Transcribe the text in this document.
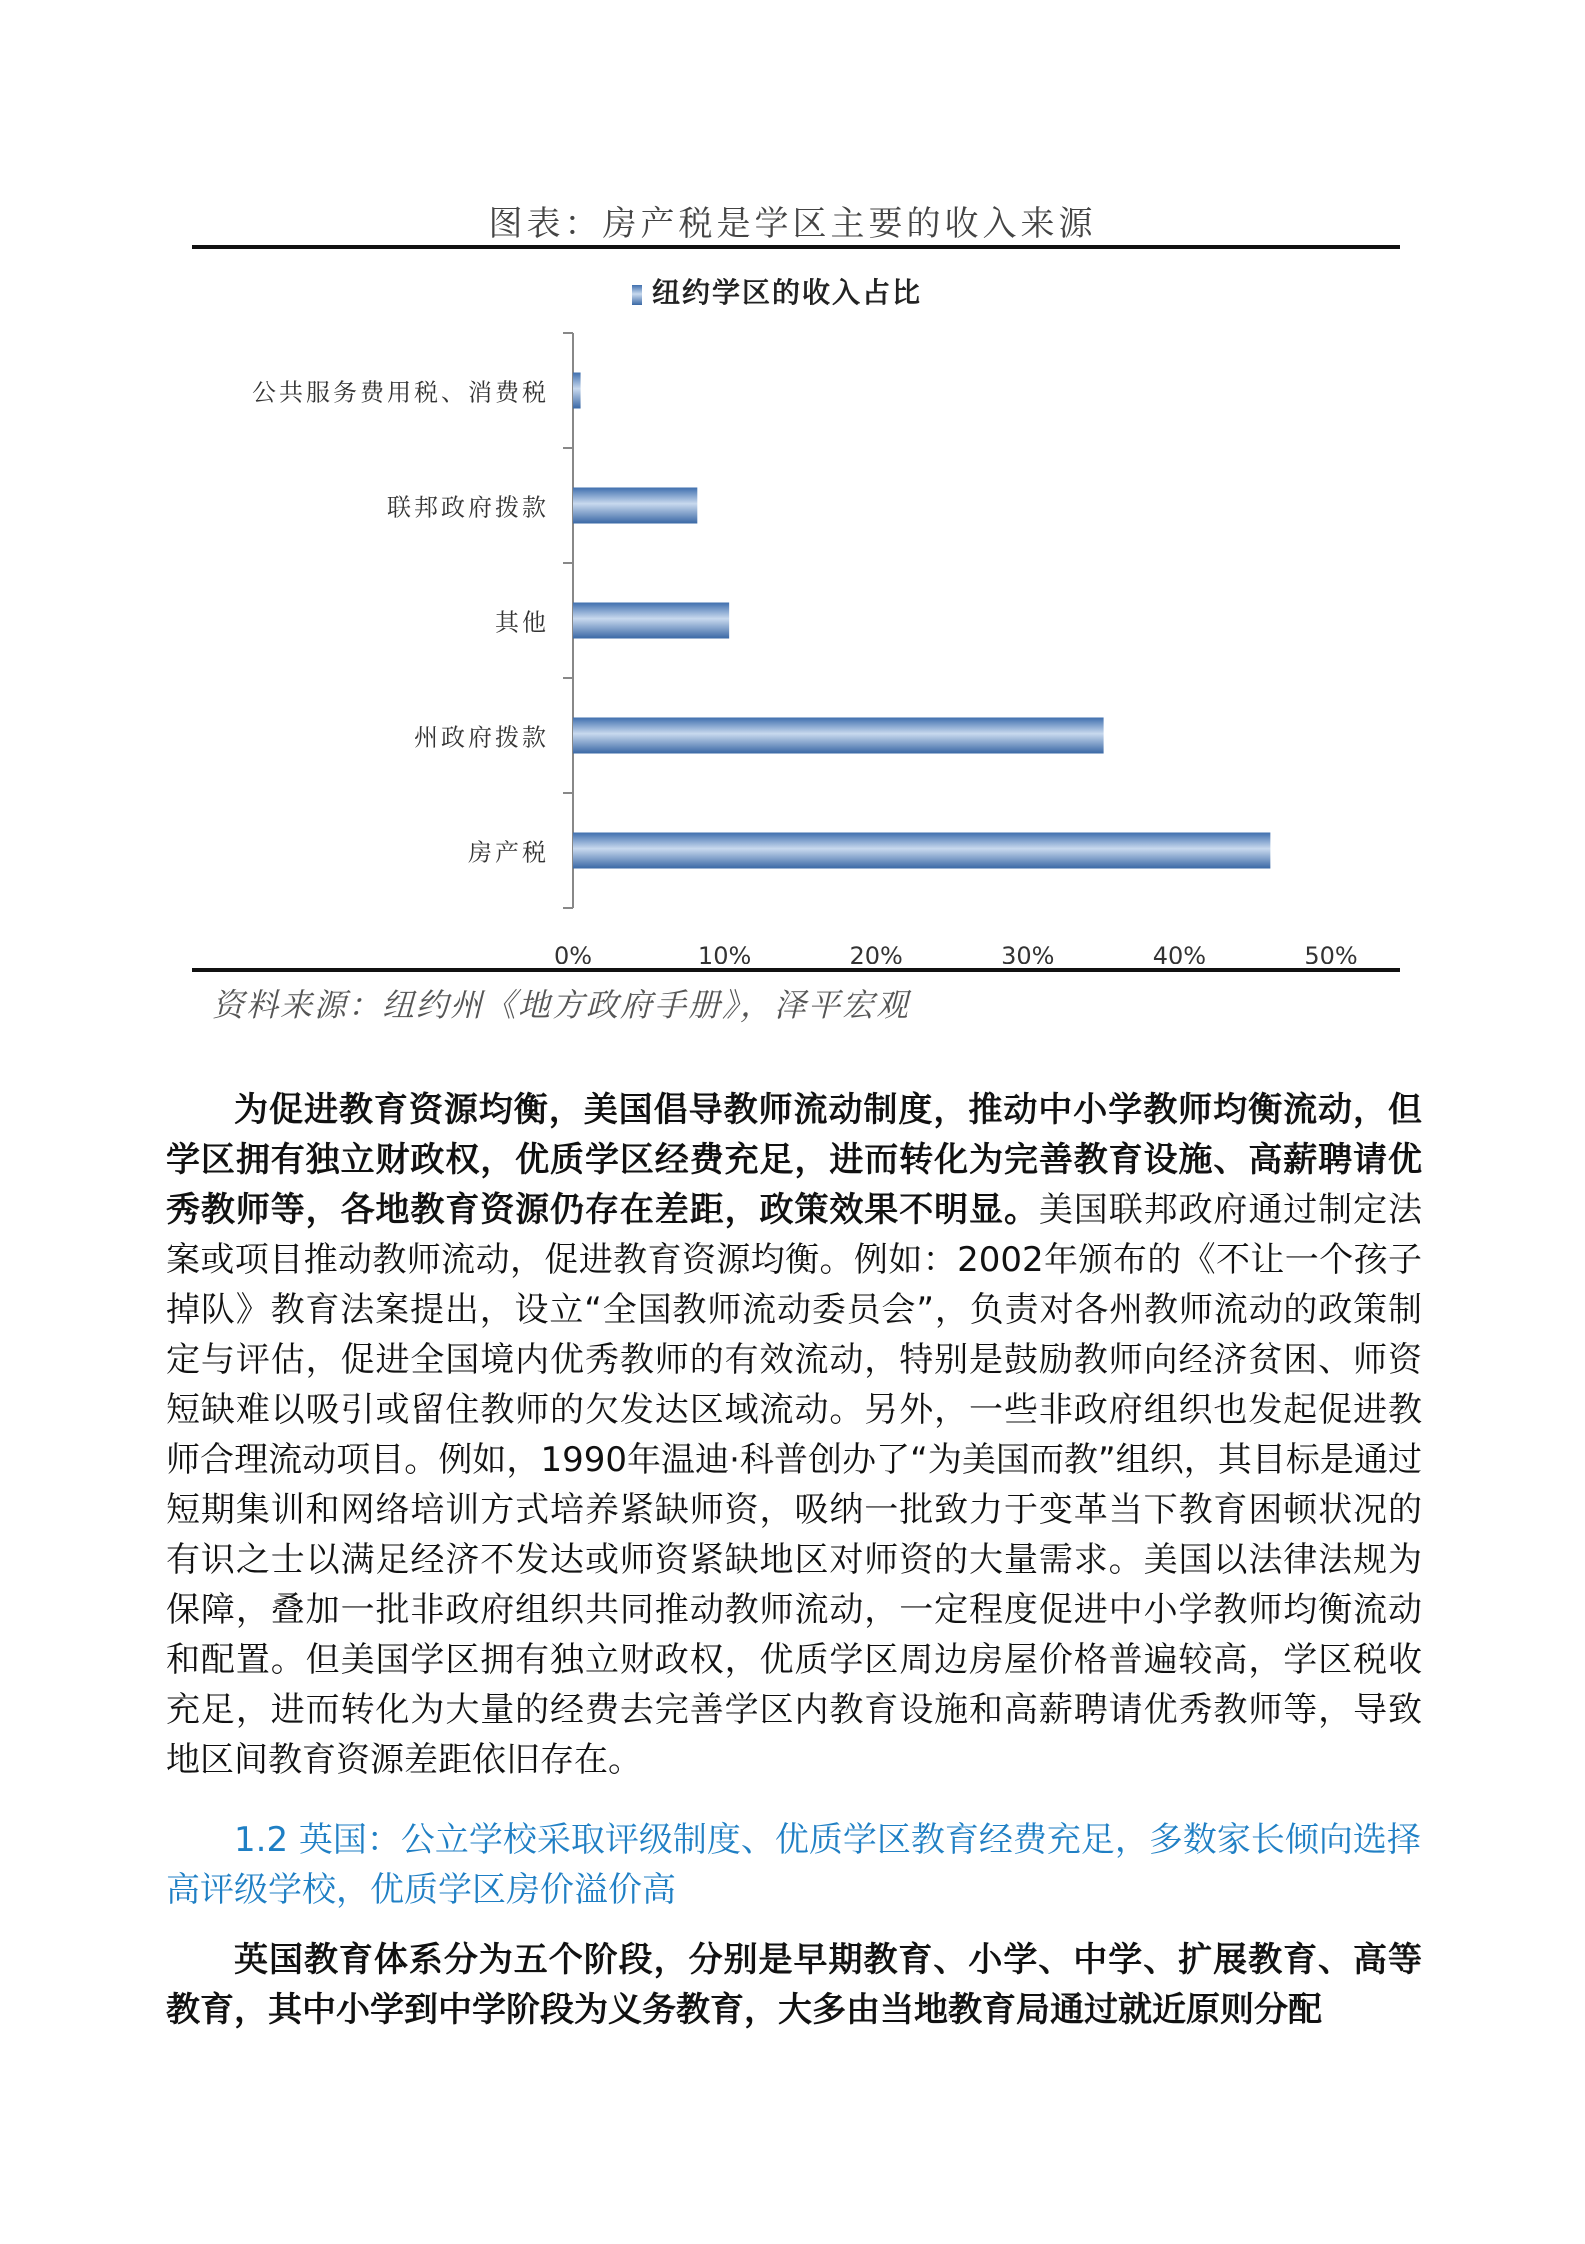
图表：房产税是学区主要的收入来源
纽约学区的收入占比
公共服务费用税、消费税
联邦政府拨款
其他
州政府拨款
房产税
0%	10%	20%	30%	40%	50%
资料来源：纽约州《地方政府手册》，泽平宏观

为促进教育资源均衡，美国倡导教师流动制度，推动中小学教师均衡流动，但学区拥有独立财政权，优质学区经费充足，进而转化为完善教育设施、高薪聘请优秀教师等，各地教育资源仍存在差距，政策效果不明显。美国联邦政府通过制定法案或项目推动教师流动，促进教育资源均衡。例如：2002年颁布的《不让一个孩子掉队》教育法案提出，设立“全国教师流动委员会”，负责对各州教师流动的政策制定与评估，促进全国境内优秀教师的有效流动，特别是鼓励教师向经济贫困、师资短缺难以吸引或留住教师的欠发达区域流动。另外，一些非政府组织也发起促进教师合理流动项目。例如，1990年温迪·科普创办了“为美国而教”组织，其目标是通过短期集训和网络培训方式培养紧缺师资，吸纳一批致力于变革当下教育困顿状况的有识之士以满足经济不发达或师资紧缺地区对师资的大量需求。美国以法律法规为保障，叠加一批非政府组织共同推动教师流动，一定程度促进中小学教师均衡流动和配置。但美国学区拥有独立财政权，优质学区周边房屋价格普遍较高，学区税收充足，进而转化为大量的经费去完善学区内教育设施和高薪聘请优秀教师等，导致地区间教育资源差距依旧存在。

1.2 英国：公立学校采取评级制度、优质学区教育经费充足，多数家长倾向选择高评级学校，优质学区房价溢价高

英国教育体系分为五个阶段，分别是早期教育、小学、中学、扩展教育、高等教育，其中小学到中学阶段为义务教育，大多由当地教育局通过就近原则分配
